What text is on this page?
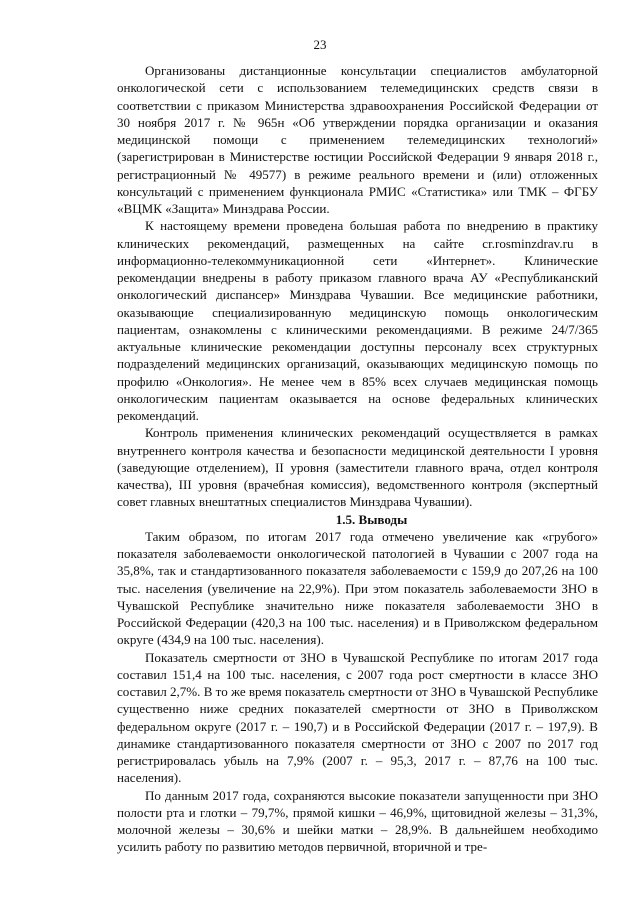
23

Организованы дистанционные консультации специалистов амбулаторной онкологической сети с использованием телемедицинских средств связи в соответствии с приказом Министерства здравоохранения Российской Федерации от 30 ноября 2017 г. № 965н «Об утверждении порядка организации и оказания медицинской помощи с применением телемедицинских технологий» (зарегистрирован в Министерстве юстиции Российской Федерации 9 января 2018 г., регистрационный № 49577) в режиме реального времени и (или) отложенных консультаций с применением функционала РМИС «Статистика» или ТМК – ФГБУ «ВЦМК «Защита» Минздрава России.

К настоящему времени проведена большая работа по внедрению в практику клинических рекомендаций, размещенных на сайте cr.rosminzdrav.ru в информационно-телекоммуникационной сети «Интернет». Клинические рекомендации внедрены в работу приказом главного врача АУ «Республиканский онкологический диспансер» Минздрава Чувашии. Все медицинские работники, оказывающие специализированную медицинскую помощь онкологическим пациентам, ознакомлены с клиническими рекомендациями. В режиме 24/7/365 актуальные клинические рекомендации доступны персоналу всех структурных подразделений медицинских организаций, оказывающих медицинскую помощь по профилю «Онкология». Не менее чем в 85% всех случаев медицинская помощь онкологическим пациентам оказывается на основе федеральных клинических рекомендаций.

Контроль применения клинических рекомендаций осуществляется в рамках внутреннего контроля качества и безопасности медицинской деятельности I уровня (заведующие отделением), II уровня (заместители главного врача, отдел контроля качества), III уровня (врачебная комиссия), ведомственного контроля (экспертный совет главных внештатных специалистов Минздрава Чувашии).

1.5. Выводы

Таким образом, по итогам 2017 года отмечено увеличение как «грубого» показателя заболеваемости онкологической патологией в Чувашии с 2007 года на 35,8%, так и стандартизованного показателя заболеваемости с 159,9 до 207,26 на 100 тыс. населения (увеличение на 22,9%). При этом показатель заболеваемости ЗНО в Чувашской Республике значительно ниже показателя заболеваемости ЗНО в Российской Федерации (420,3 на 100 тыс. населения) и в Приволжском федеральном округе (434,9 на 100 тыс. населения).

Показатель смертности от ЗНО в Чувашской Республике по итогам 2017 года составил 151,4 на 100 тыс. населения, с 2007 года рост смертности в классе ЗНО составил 2,7%. В то же время показатель смертности от ЗНО в Чувашской Республике существенно ниже средних показателей смертности от ЗНО в Приволжском федеральном округе (2017 г. – 190,7) и в Российской Федерации (2017 г. – 197,9). В динамике стандартизованного показателя смертности от ЗНО с 2007 по 2017 год регистрировалась убыль на 7,9% (2007 г. – 95,3, 2017 г. – 87,76 на 100 тыс. населения).

По данным 2017 года, сохраняются высокие показатели запущенности при ЗНО полости рта и глотки – 79,7%, прямой кишки – 46,9%, щитовидной железы – 31,3%, молочной железы – 30,6% и шейки матки – 28,9%. В дальнейшем необходимо усилить работу по развитию методов первичной, вторичной и тре-
